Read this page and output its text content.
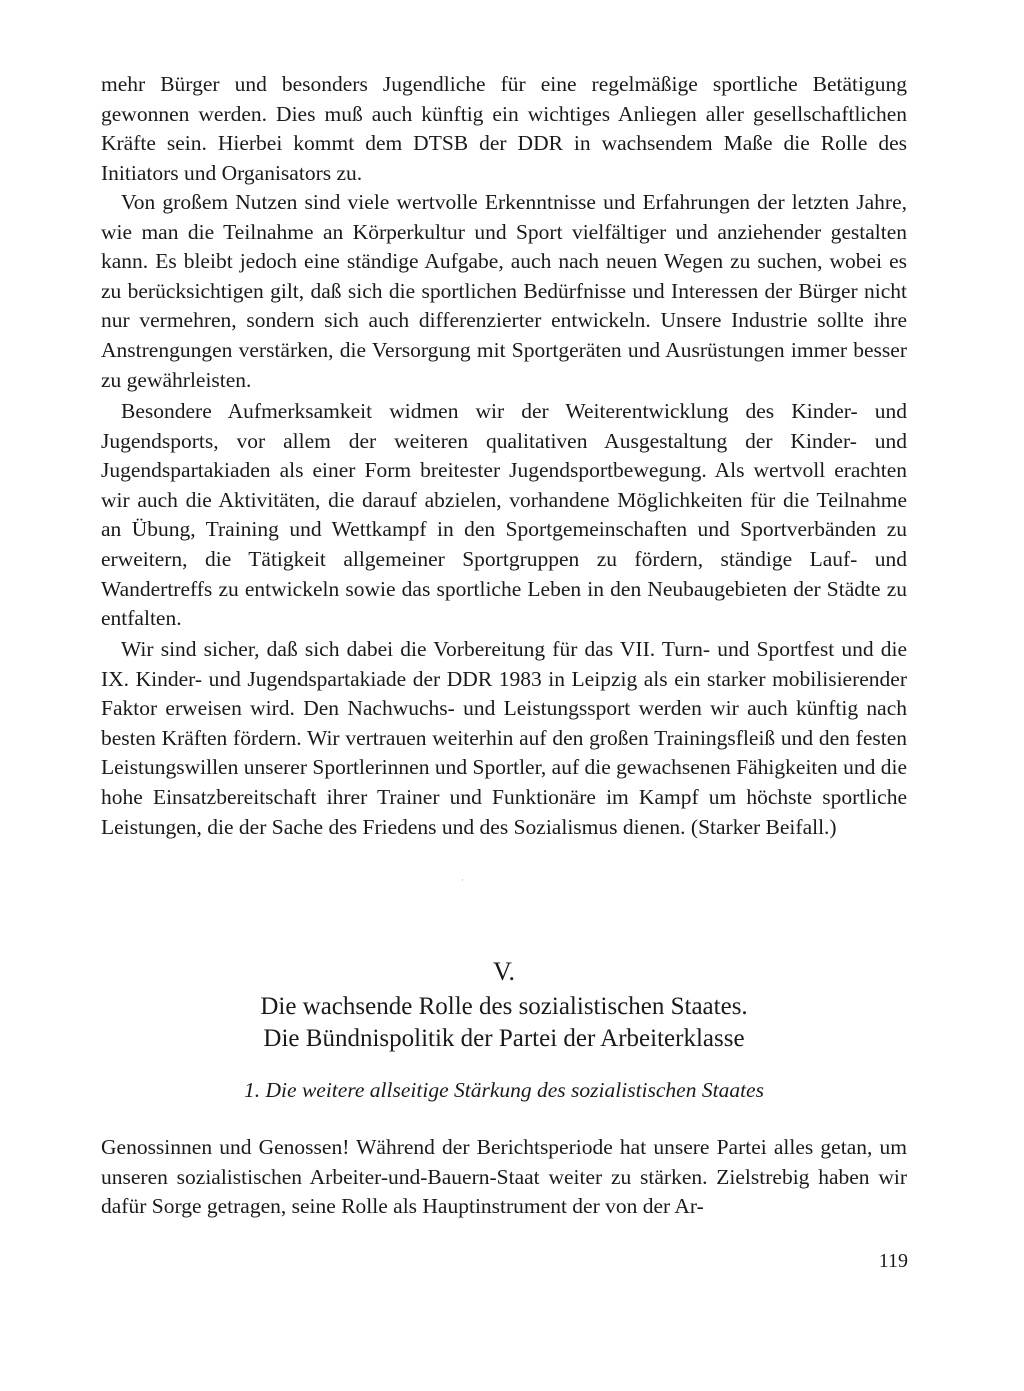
mehr Bürger und besonders Jugendliche für eine regelmäßige sportliche Betätigung gewonnen werden. Dies muß auch künftig ein wichtiges Anliegen aller gesellschaftlichen Kräfte sein. Hierbei kommt dem DTSB der DDR in wachsendem Maße die Rolle des Initiators und Organisators zu.

Von großem Nutzen sind viele wertvolle Erkenntnisse und Erfahrungen der letzten Jahre, wie man die Teilnahme an Körperkultur und Sport vielfältiger und anziehender gestalten kann. Es bleibt jedoch eine ständige Aufgabe, auch nach neuen Wegen zu suchen, wobei es zu berücksichtigen gilt, daß sich die sportlichen Bedürfnisse und Interessen der Bürger nicht nur vermehren, sondern sich auch differenzierter entwickeln. Unsere Industrie sollte ihre Anstrengungen verstärken, die Versorgung mit Sportgeräten und Ausrüstungen immer besser zu gewährleisten.

Besondere Aufmerksamkeit widmen wir der Weiterentwicklung des Kinder- und Jugendsports, vor allem der weiteren qualitativen Ausgestaltung der Kinder- und Jugendspartakiaden als einer Form breitester Jugendsportbewegung. Als wertvoll erachten wir auch die Aktivitäten, die darauf abzielen, vorhandene Möglichkeiten für die Teilnahme an Übung, Training und Wettkampf in den Sportgemeinschaften und Sportverbänden zu erweitern, die Tätigkeit allgemeiner Sportgruppen zu fördern, ständige Lauf- und Wandertreffs zu entwickeln sowie das sportliche Leben in den Neubaugebieten der Städte zu entfalten.

Wir sind sicher, daß sich dabei die Vorbereitung für das VII. Turn- und Sportfest und die IX. Kinder- und Jugendspartakiade der DDR 1983 in Leipzig als ein starker mobilisierender Faktor erweisen wird. Den Nachwuchs- und Leistungssport werden wir auch künftig nach besten Kräften fördern. Wir vertrauen weiterhin auf den großen Trainingsfleiß und den festen Leistungswillen unserer Sportlerinnen und Sportler, auf die gewachsenen Fähigkeiten und die hohe Einsatzbereitschaft ihrer Trainer und Funktionäre im Kampf um höchste sportliche Leistungen, die der Sache des Friedens und des Sozialismus dienen. (Starker Beifall.)

·

V.

Die wachsende Rolle des sozialistischen Staates.

Die Bündnispolitik der Partei der Arbeiterklasse

1. Die weitere allseitige Stärkung des sozialistischen Staates

Genossinnen und Genossen! Während der Berichtsperiode hat unsere Partei alles getan, um unseren sozialistischen Arbeiter-und-Bauern-Staat weiter zu stärken. Zielstrebig haben wir dafür Sorge getragen, seine Rolle als Hauptinstrument der von der Ar-

119
